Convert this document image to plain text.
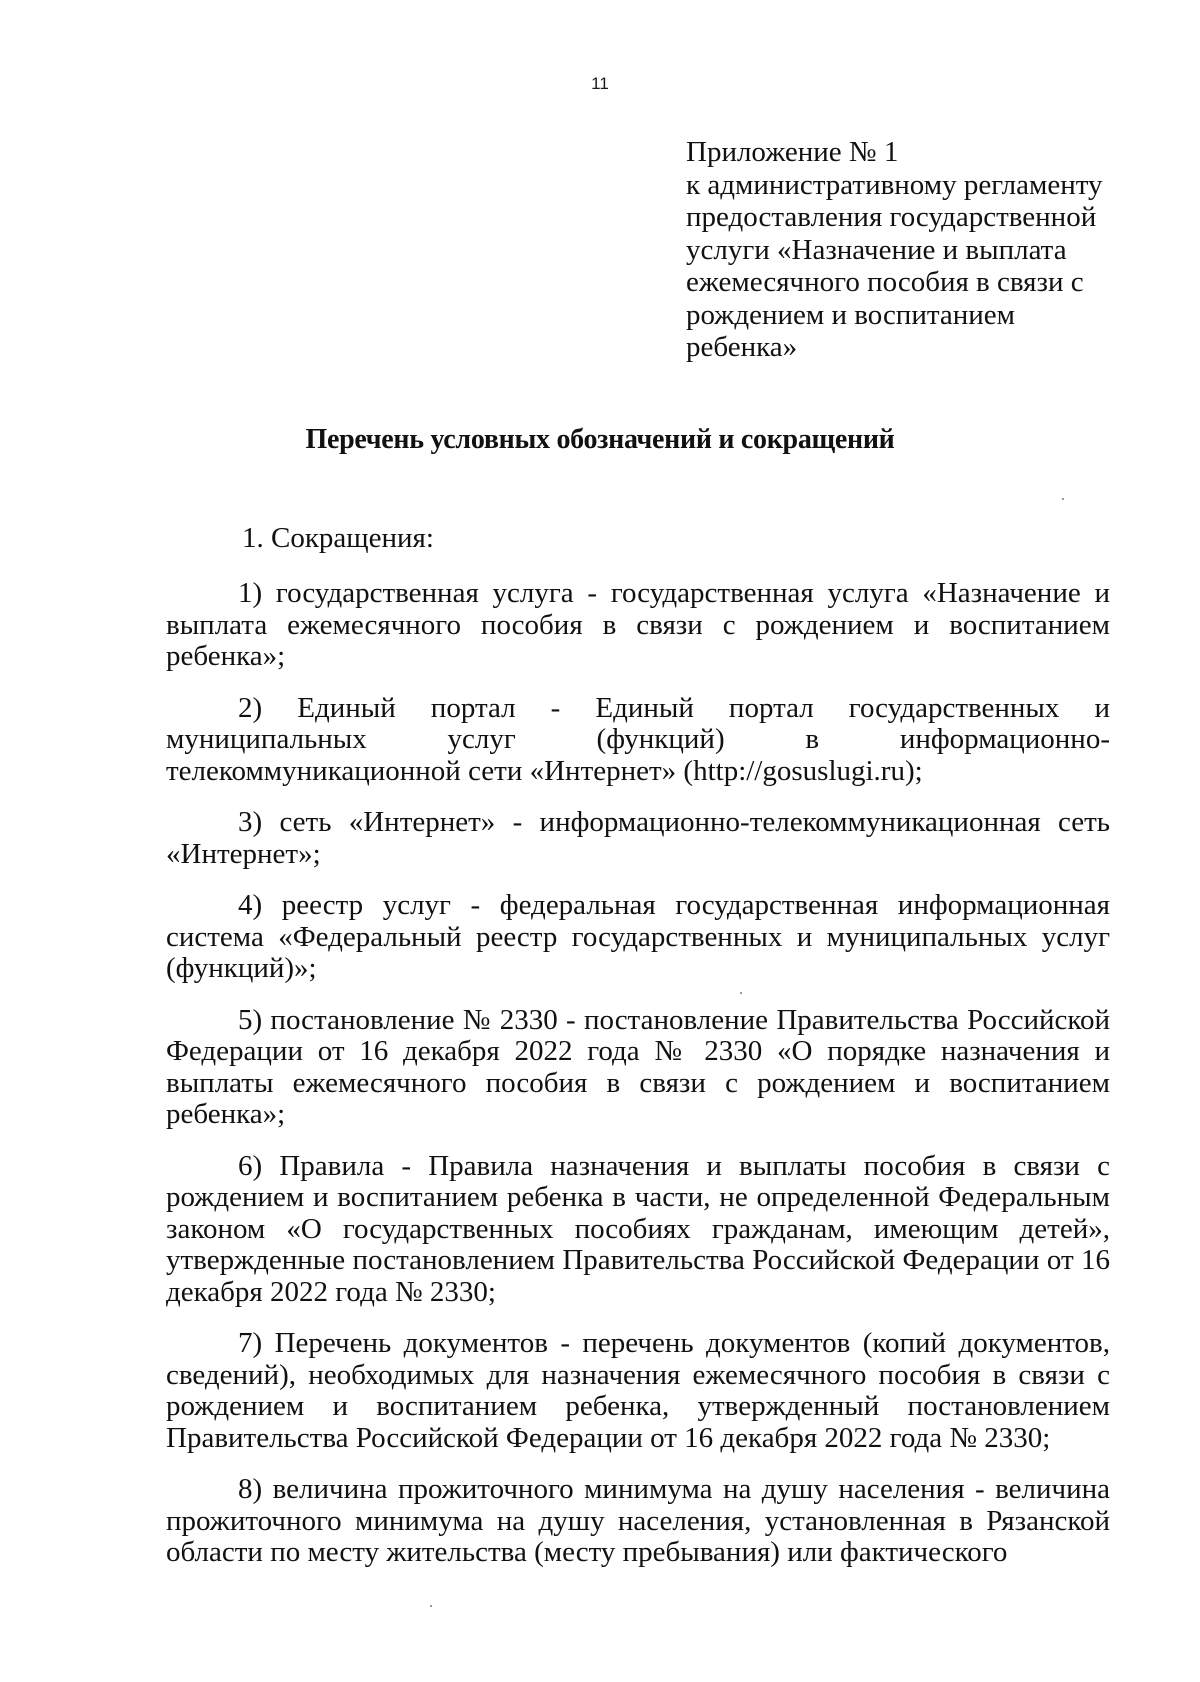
11
Приложение № 1
к административному регламенту
предоставления государственной
услуги «Назначение и выплата
ежемесячного пособия в связи с
рождением и воспитанием
ребенка»
Перечень условных обозначений и сокращений
1. Сокращения:

1) государственная услуга - государственная услуга «Назначение и выплата ежемесячного пособия в связи с рождением и воспитанием ребенка»;

2) Единый портал - Единый портал государственных и муниципальных услуг (функций) в информационно-телекоммуникационной сети «Интернет» (http://gosuslugi.ru);

3) сеть «Интернет» - информационно-телекоммуникационная сеть «Интернет»;

4) реестр услуг - федеральная государственная информационная система «Федеральный реестр государственных и муниципальных услуг (функций)»;

5) постановление № 2330 - постановление Правительства Российской Федерации от 16 декабря 2022 года № 2330 «О порядке назначения и выплаты ежемесячного пособия в связи с рождением и воспитанием ребенка»;

6) Правила - Правила назначения и выплаты пособия в связи с рождением и воспитанием ребенка в части, не определенной Федеральным законом «О государственных пособиях гражданам, имеющим детей», утвержденные постановлением Правительства Российской Федерации от 16 декабря 2022 года № 2330;

7) Перечень документов - перечень документов (копий документов, сведений), необходимых для назначения ежемесячного пособия в связи с рождением и воспитанием ребенка, утвержденный постановлением Правительства Российской Федерации от 16 декабря 2022 года № 2330;

8) величина прожиточного минимума на душу населения - величина прожиточного минимума на душу населения, установленная в Рязанской области по месту жительства (месту пребывания) или фактического
